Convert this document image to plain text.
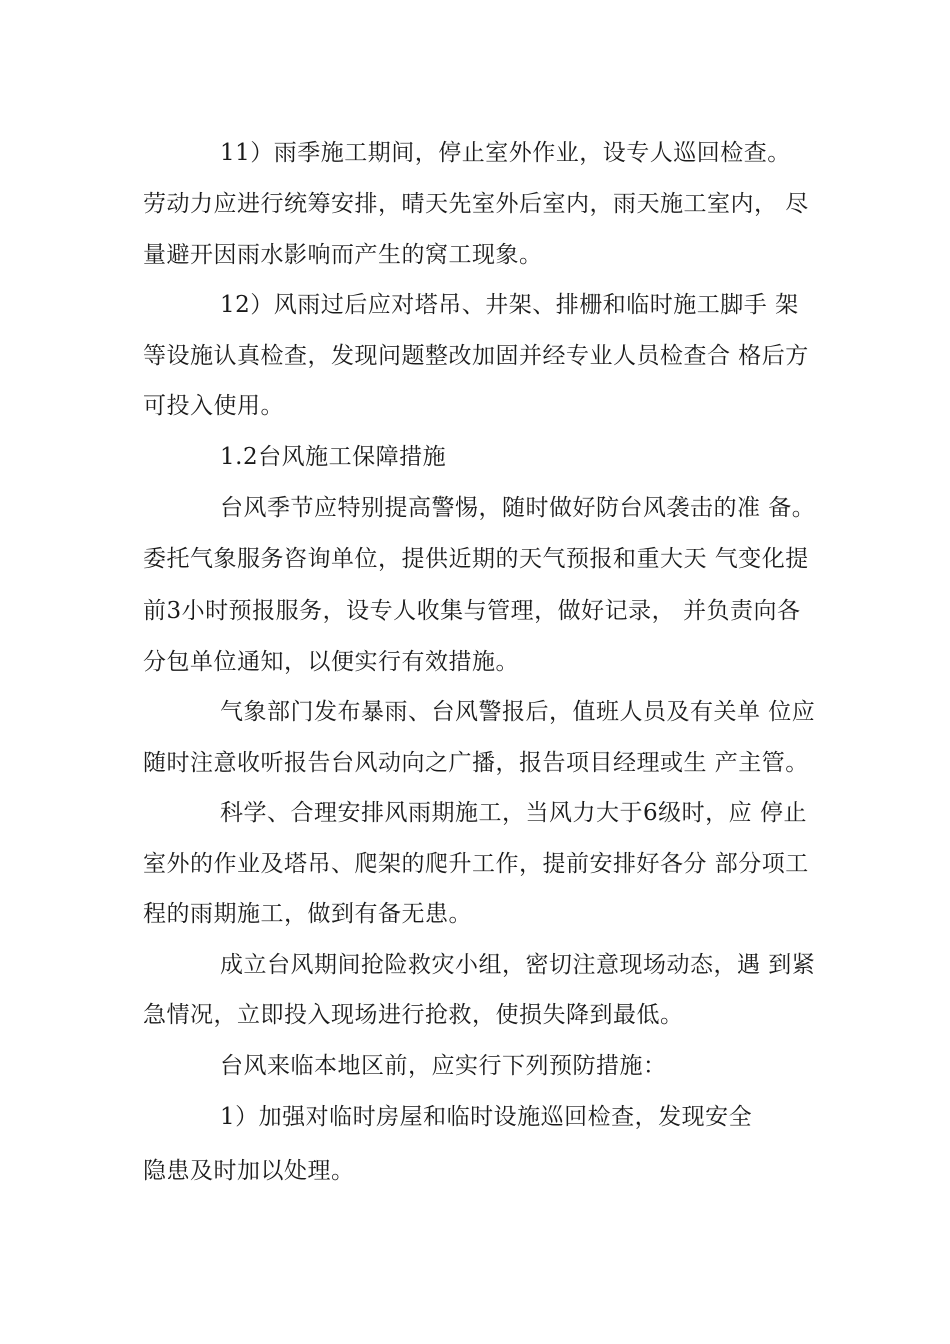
11）雨季施工期间，停止室外作业，设专人巡回检查。
劳动力应进行统筹安排，晴天先室外后室内，雨天施工室内， 尽
量避开因雨水影响而产生的窝工现象。
12）风雨过后应对塔吊、井架、排栅和临时施工脚手 架
等设施认真检查，发现问题整改加固并经专业人员检查合 格后方
可投入使用。
1.2台风施工保障措施
台风季节应特别提高警惕，随时做好防台风袭击的准 备。
委托气象服务咨询单位，提供近期的天气预报和重大天 气变化提
前3小时预报服务，设专人收集与管理，做好记录， 并负责向各
分包单位通知，以便实行有效措施。
气象部门发布暴雨、台风警报后，值班人员及有关单 位应
随时注意收听报告台风动向之广播，报告项目经理或生 产主管。
科学、合理安排风雨期施工，当风力大于6级时，应 停止
室外的作业及塔吊、爬架的爬升工作，提前安排好各分 部分项工
程的雨期施工，做到有备无患。
成立台风期间抢险救灾小组，密切注意现场动态，遇 到紧
急情况，立即投入现场进行抢救，使损失降到最低。
台风来临本地区前，应实行下列预防措施：
1）加强对临时房屋和临时设施巡回检查，发现安全
隐患及时加以处理。
